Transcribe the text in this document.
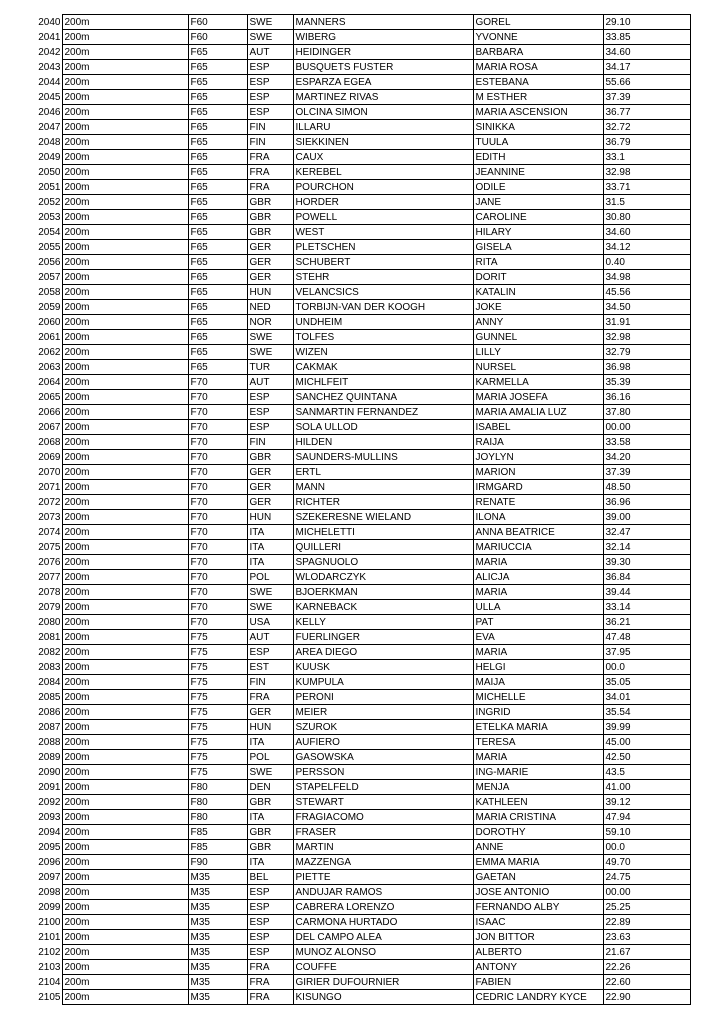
2040	200m	F60	SWE	MANNERS	GOREL	29.10
2041	200m	F60	SWE	WIBERG	YVONNE	33.85
2042	200m	F65	AUT	HEIDINGER	BARBARA	34.60
2043	200m	F65	ESP	BUSQUETS FUSTER	MARIA ROSA	34.17
2044	200m	F65	ESP	ESPARZA EGEA	ESTEBANA	55.66
2045	200m	F65	ESP	MARTINEZ RIVAS	M ESTHER	37.39
2046	200m	F65	ESP	OLCINA SIMON	MARIA ASCENSION	36.77
2047	200m	F65	FIN	ILLARU	SINIKKA	32.72
2048	200m	F65	FIN	SIEKKINEN	TUULA	36.79
2049	200m	F65	FRA	CAUX	EDITH	33.1
2050	200m	F65	FRA	KEREBEL	JEANNINE	32.98
2051	200m	F65	FRA	POURCHON	ODILE	33.71
2052	200m	F65	GBR	HORDER	JANE	31.5
2053	200m	F65	GBR	POWELL	CAROLINE	30.80
2054	200m	F65	GBR	WEST	HILARY	34.60
2055	200m	F65	GER	PLETSCHEN	GISELA	34.12
2056	200m	F65	GER	SCHUBERT	RITA	0.40
2057	200m	F65	GER	STEHR	DORIT	34.98
2058	200m	F65	HUN	VELANCSICS	KATALIN	45.56
2059	200m	F65	NED	TORBIJN-VAN DER KOOGH	JOKE	34.50
2060	200m	F65	NOR	UNDHEIM	ANNY	31.91
2061	200m	F65	SWE	TOLFES	GUNNEL	32.98
2062	200m	F65	SWE	WIZEN	LILLY	32.79
2063	200m	F65	TUR	CAKMAK	NURSEL	36.98
2064	200m	F70	AUT	MICHLFEIT	KARMELLA	35.39
2065	200m	F70	ESP	SANCHEZ QUINTANA	MARIA JOSEFA	36.16
2066	200m	F70	ESP	SANMARTIN FERNANDEZ	MARIA AMALIA LUZ	37.80
2067	200m	F70	ESP	SOLA ULLOD	ISABEL	00.00
2068	200m	F70	FIN	HILDEN	RAIJA	33.58
2069	200m	F70	GBR	SAUNDERS-MULLINS	JOYLYN	34.20
2070	200m	F70	GER	ERTL	MARION	37.39
2071	200m	F70	GER	MANN	IRMGARD	48.50
2072	200m	F70	GER	RICHTER	RENATE	36.96
2073	200m	F70	HUN	SZEKERESNE WIELAND	ILONA	39.00
2074	200m	F70	ITA	MICHELETTI	ANNA BEATRICE	32.47
2075	200m	F70	ITA	QUILLERI	MARIUCCIA	32.14
2076	200m	F70	ITA	SPAGNUOLO	MARIA	39.30
2077	200m	F70	POL	WLODARCZYK	ALICJA	36.84
2078	200m	F70	SWE	BJOERKMAN	MARIA	39.44
2079	200m	F70	SWE	KARNEBACK	ULLA	33.14
2080	200m	F70	USA	KELLY	PAT	36.21
2081	200m	F75	AUT	FUERLINGER	EVA	47.48
2082	200m	F75	ESP	AREA DIEGO	MARIA	37.95
2083	200m	F75	EST	KUUSK	HELGI	00.0
2084	200m	F75	FIN	KUMPULA	MAIJA	35.05
2085	200m	F75	FRA	PERONI	MICHELLE	34.01
2086	200m	F75	GER	MEIER	INGRID	35.54
2087	200m	F75	HUN	SZUROK	ETELKA MARIA	39.99
2088	200m	F75	ITA	AUFIERO	TERESA	45.00
2089	200m	F75	POL	GASOWSKA	MARIA	42.50
2090	200m	F75	SWE	PERSSON	ING-MARIE	43.5
2091	200m	F80	DEN	STAPELFELD	MENJA	41.00
2092	200m	F80	GBR	STEWART	KATHLEEN	39.12
2093	200m	F80	ITA	FRAGIACOMO	MARIA CRISTINA	47.94
2094	200m	F85	GBR	FRASER	DOROTHY	59.10
2095	200m	F85	GBR	MARTIN	ANNE	00.0
2096	200m	F90	ITA	MAZZENGA	EMMA MARIA	49.70
2097	200m	M35	BEL	PIETTE	GAETAN	24.75
2098	200m	M35	ESP	ANDUJAR RAMOS	JOSE ANTONIO	00.00
2099	200m	M35	ESP	CABRERA LORENZO	FERNANDO ALBY	25.25
2100	200m	M35	ESP	CARMONA HURTADO	ISAAC	22.89
2101	200m	M35	ESP	DEL CAMPO ALEA	JON BITTOR	23.63
2102	200m	M35	ESP	MUNOZ ALONSO	ALBERTO	21.67
2103	200m	M35	FRA	COUFFE	ANTONY	22.26
2104	200m	M35	FRA	GIRIER DUFOURNIER	FABIEN	22.60
2105	200m	M35	FRA	KISUNGO	CEDRIC LANDRY KYCE	22.90
